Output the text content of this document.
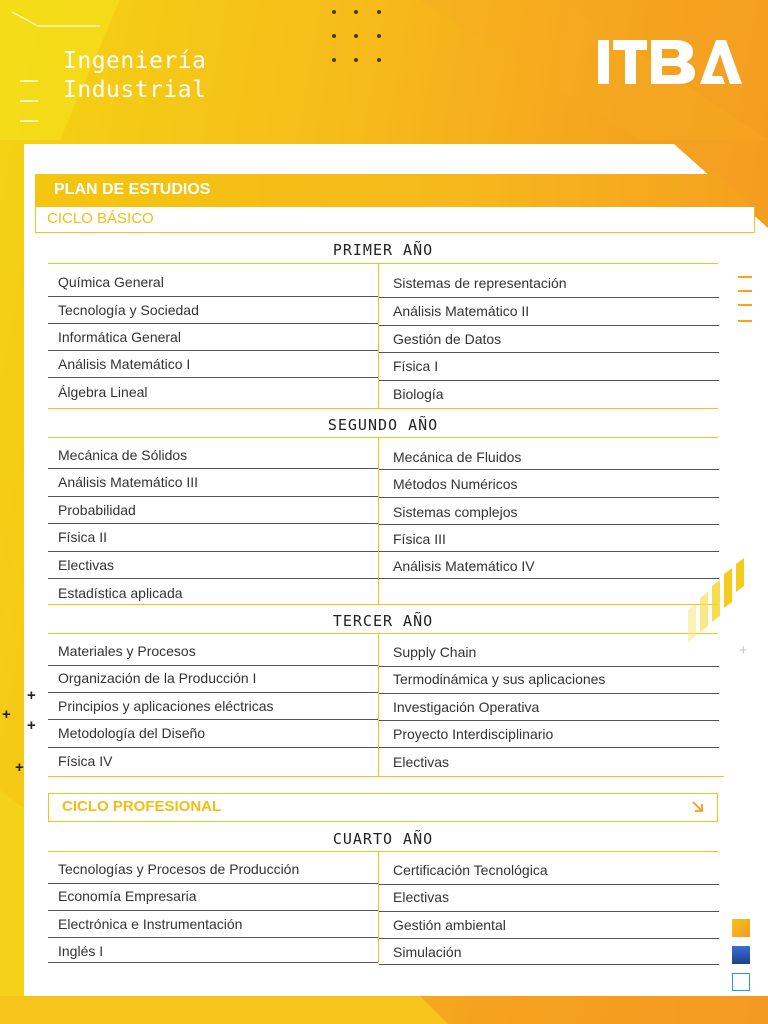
Ingeniería
Industrial
PLAN DE ESTUDIOS
CICLO BÁSICO
PRIMER AÑO
Química General
Tecnología y Sociedad
Informática General
Análisis Matemático I
Álgebra Lineal
Sistemas de representación
Análisis Matemático II
Gestión de Datos
Física I
Biología
SEGUNDO AÑO
Mecánica de Sólidos
Análisis Matemático III
Probabilidad
Física II
Electivas
Estadística aplicada
Mecánica de Fluidos
Métodos Numéricos
Sistemas complejos
Física III
Análisis Matemático IV
TERCER AÑO
Materiales y Procesos
Organización de la Producción I
Principios y aplicaciones eléctricas
Metodología del Diseño
Física IV
Supply Chain
Termodinámica y sus aplicaciones
Investigación Operativa
Proyecto Interdisciplinario
Electivas
CICLO PROFESIONAL
CUARTO AÑO
Tecnologías y Procesos de Producción
Economía Empresaria
Electrónica e Instrumentación
Inglés I
Certificación Tecnológica
Electivas
Gestión ambiental
Simulación
+
+
+
+
+
